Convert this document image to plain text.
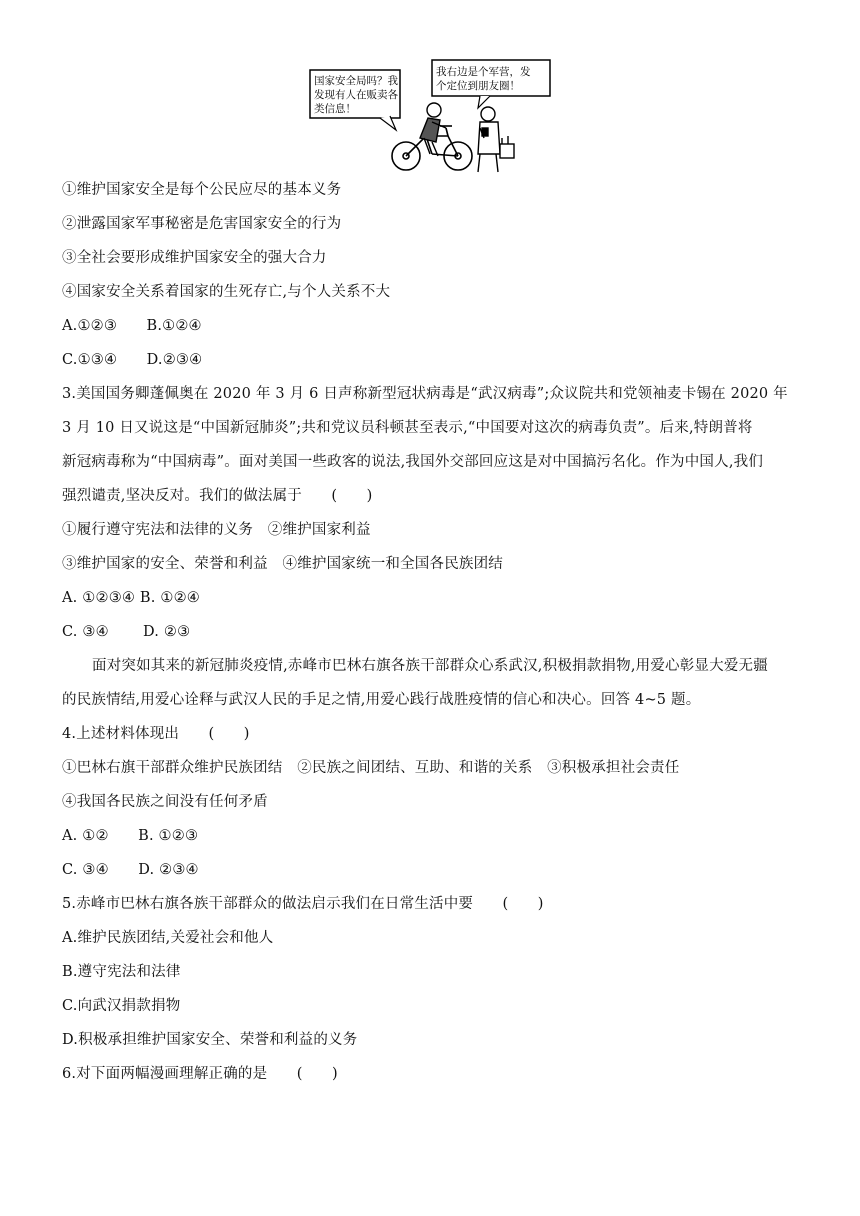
国家安全局吗？我
发现有人在贩卖各
类信息！
我右边是个军营，发
个定位到朋友圈！
①维护国家安全是每个公民应尽的基本义务
②泄露国家军事秘密是危害国家安全的行为
③全社会要形成维护国家安全的强大合力
④国家安全关系着国家的生死存亡,与个人关系不大
A.①②③　　B.①②④
C.①③④　　D.②③④
3.美国国务卿蓬佩奥在 2020 年 3 月 6 日声称新型冠状病毒是“武汉病毒”;众议院共和党领袖麦卡锡在 2020 年
3 月 10 日又说这是“中国新冠肺炎”;共和党议员科顿甚至表示,“中国要对这次的病毒负责”。后来,特朗普将
新冠病毒称为“中国病毒”。面对美国一些政客的说法,我国外交部回应这是对中国搞污名化。作为中国人,我们
强烈谴责,坚决反对。我们的做法属于　　(　　)
①履行遵守宪法和法律的义务　②维护国家利益
③维护国家的安全、荣誉和利益　④维护国家统一和全国各民族团结
A. ①②③④ B. ①②④
C. ③④　　 D. ②③
面对突如其来的新冠肺炎疫情,赤峰市巴林右旗各族干部群众心系武汉,积极捐款捐物,用爱心彰显大爱无疆
的民族情结,用爱心诠释与武汉人民的手足之情,用爱心践行战胜疫情的信心和决心。回答 4~5 题。
4.上述材料体现出　　(　　)
①巴林右旗干部群众维护民族团结　②民族之间团结、互助、和谐的关系　③积极承担社会责任
④我国各民族之间没有任何矛盾
A. ①②　　B. ①②③
C. ③④　　D. ②③④
5.赤峰市巴林右旗各族干部群众的做法启示我们在日常生活中要　　(　　)
A.维护民族团结,关爱社会和他人
B.遵守宪法和法律
C.向武汉捐款捐物
D.积极承担维护国家安全、荣誉和利益的义务
6.对下面两幅漫画理解正确的是　　(　　)
